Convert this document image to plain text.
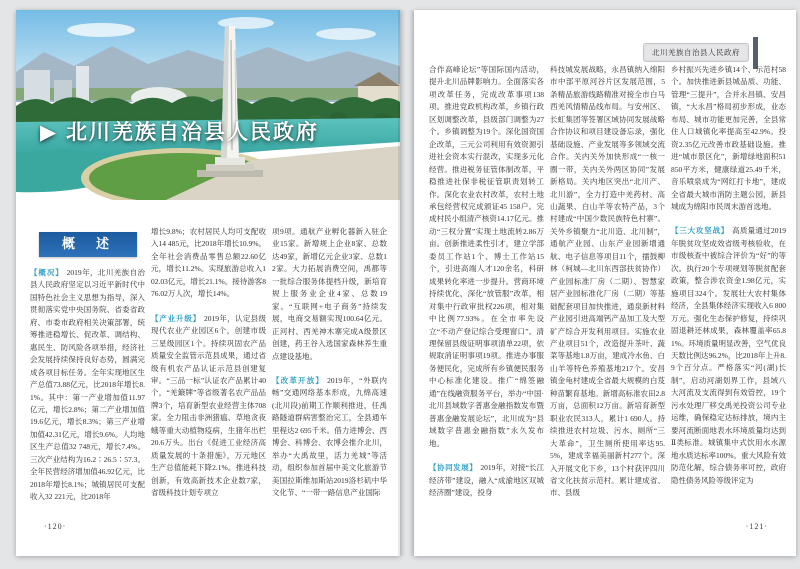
▶ 北川羌族自治县人民政府
概　述

【概况】 2019年，北川羌族自治县人民政府坚定以习近平新时代中国特色社会主义思想为指导，深入贯彻落实党中央国务院、省委省政府、市委市政府相关决策部署，统筹推进稳增长、促改革、调结构、惠民生、防风险各项举措，经济社会发展持续保持良好态势，圆满完成各项目标任务。全年实现地区生产总值73.88亿元，比2018年增长8.1%。其中：第一产业增加值11.97亿元，增长2.8%；第二产业增加值19.6亿元，增长8.3%；第三产业增加值42.31亿元，增长9.6%。人均地区生产总值32 748元，增长7.4%。三次产业结构为16.2∶26.5∶57.3。全年民营经济增加值46.92亿元，比2018年增长8.1%；城镇居民可支配收入32 221元，比2018年

增长9.8%；农村居民人均可支配收入14 485元，比2018年增长10.9%。全年社会消费品零售总额22.60亿元，增长11.2%。实现旅游总收入102.03亿元，增长21.1%。接待游客876.02万人次，增长14%。

【产业升级】 2019年，认定县级现代农业产业园区6个，创建市级三星级园区1个。持续巩固农产品质量安全监管示范县成果，通过省级有机农产品认证示范县创建复审。“三品一标”认证农产品累计40个，“羌簸牌”等省级著名农产品品牌3个，培育新型农业经营主体708家。全力阻击非洲猪瘟、草地贪夜蛾等重大动植物疫病，生猪年出栏20.6万头。出台《促进工业经济高质量发展的十条措施》，万元地区生产总值能耗下降2.1%。推进科技创新，有效高新技术企业数7家，省级科技计划专项立

项9项。通航产业孵化器新入驻企业15家。新增规上企业8家、总数达49家，新增亿元企业3家、总数12家。大力拓展消费空间，禹都等一批综合服务体提档升级，新培育规上服务业企业4家、总数19家。“互联网+电子商务”持续发展，电商交易额实现100.64亿元。正河村、西羌神木寨完成A级景区创建，药王谷入选国家森林养生重点建设基地。

【改革开放】 2019年，“外联内畅”交通网络基本形成，九绵高速(北川段)前期工作顺利推进，任禹路隧道群病害整治完工，全县通车里程达2 695千米。借力进博会、西博会、科博会、农博会推介北川，举办“大禹故里，活力羌城”等活动，组织参加首届中美文化旅游节美国拉斯维加斯站2019洛杉矶中华文化节、“一带一路信息产业国际

·120·
北川羌族自治县人民政府

合作高峰论坛”等国际国内活动，提升北川品牌影响力。全面落实各项改革任务，完成改革事项138项。推进党政机构改革，乡镇行政区划调整改革，县级部门调整为27个。乡镇调整为19个。深化国资国企改革，三元公司利用有效资源引进社会资本实行混改，实现多元化经营。推进税务征管体制改革，平稳推进社保非税征管职责划转工作。深化农业农村改革，农村土地承包经营权完成颁证45 158户。完成村民小组清产核资14.17亿元。推动“三权分置”实现土地流转2.86万亩。创新推进柔性引才，建立学部委员工作站1个、博士工作站15个，引进高端人才120余名，科研成果转化率进一步提升。营商环境持续优化，深化“放管服”改革，相对集中行政审批权226项，相对集中比例77.93%。在全市率先设立“不动产登记综合受理窗口”。清理保留县级证明事项清单22项，依规取消证明事项19项。推进办事服务便民化，完成所有乡镇便民服务中心标准化建设。推广“绵签融通”在线融资服务平台，举办“中国·北川县域数字普惠金融指数发布暨普惠金融发展论坛”，北川成为“县域数字普惠金融指数”永久发布地。

【协同发展】 2019年，对接“长江经济带”建设，融入“成渝地区双城经济圈”建设，投身

科技城发展战略，永昌镇纳入绵阳市中部平原河谷片区发展范围，5条精品旅游线路精准对接全市白马西羌风情精品线布局。与安州区、长虹集团等签署区域协同发展战略合作协议和项目建设备忘录，强化基础设施、产业发展等多领域交流合作。关内关外加快形成“一核一圈一带，关内关外两区协同”发展新格局。关内地区突出“北川产、北川游”，全力打造中羌药材、高山蔬果、白山羊等农特产品，3个村建成“中国少数民族特色村寨”。关外乡镇聚力“北川造、北川制”，通航产业园、山东产业园新增通航、电子信息等项目11个，擂鼓柳林（柯城—北川东西部扶贫协作）产业园标准厂房（二期）、智慧家居产业园标准化厂房（二期）等基础配套项目加快推进，通泉新材料产业园引进高端钙产品加工及大型矿产综合开发利用项目。实施农业产业项目51个，改造提升茶叶、蔬菜等基地1.8万亩，建成冷水鱼、白山羊等特色养殖基地217个。安昌镇金龟村建成全省最大规模的白芨种苗繁育基地。新增高标准农田2.8万亩，总面积12万亩。新培育新型职业农民313人，累计1 690人。持续推进农村垃圾、污水、厕所“三大革命”，卫生厕所使用率达95.5%，建成幸福美丽新村277个。深入开展文化下乡，13个村获评四川省文化扶贫示范村。累计建成省、市、县级

乡村振兴先进乡镇14个、示范村58个。加快推进新县城品质、功能、管理“三提升”，合并永昌镇、安昌镇，“大永昌”格局初步形成，业态布局、城市功能更加完善，全县常住人口城镇化率提高至42.9%。投资2.35亿元改善市政基础设施。推进“城市景区化”，新增绿地面积51 850平方米，健康绿道25.49千米，音乐喷泉成为“网红打卡地”，建成全省最大城市消防主题公园，新县城成为绵阳市民周末游首选地。

【三大攻坚战】 高质量通过2019年脱贫攻坚成效省级考核验收，在市级核查中被综合评价为“好”的等次。执行20个专项规划等脱贫配套政策，整合涉农资金1.98亿元，实施项目324个。发展壮大农村集体经济，全县集体经济实现收入6 800万元。强化生态保护修复，持续巩固退耕还林成果，森林覆盖率65.81%。环境质量明显改善，空气优良天数比例达96.2%，比2018年上升8.9个百分点。严格落实“河(湖)长制”，启动河湖划界工作，县域八大河流及支流得到有效管控，19个污水处理厂移交禹羌投资公司专业运维，确保稳定达标排放，境内主要河流断面地表水环境质量均达到Ⅱ类标准。城镇集中式饮用水水源地水质达标率100%。重大风险有效防范化解，综合债务率可控，政府隐性债务风险等级评定为

·121·
